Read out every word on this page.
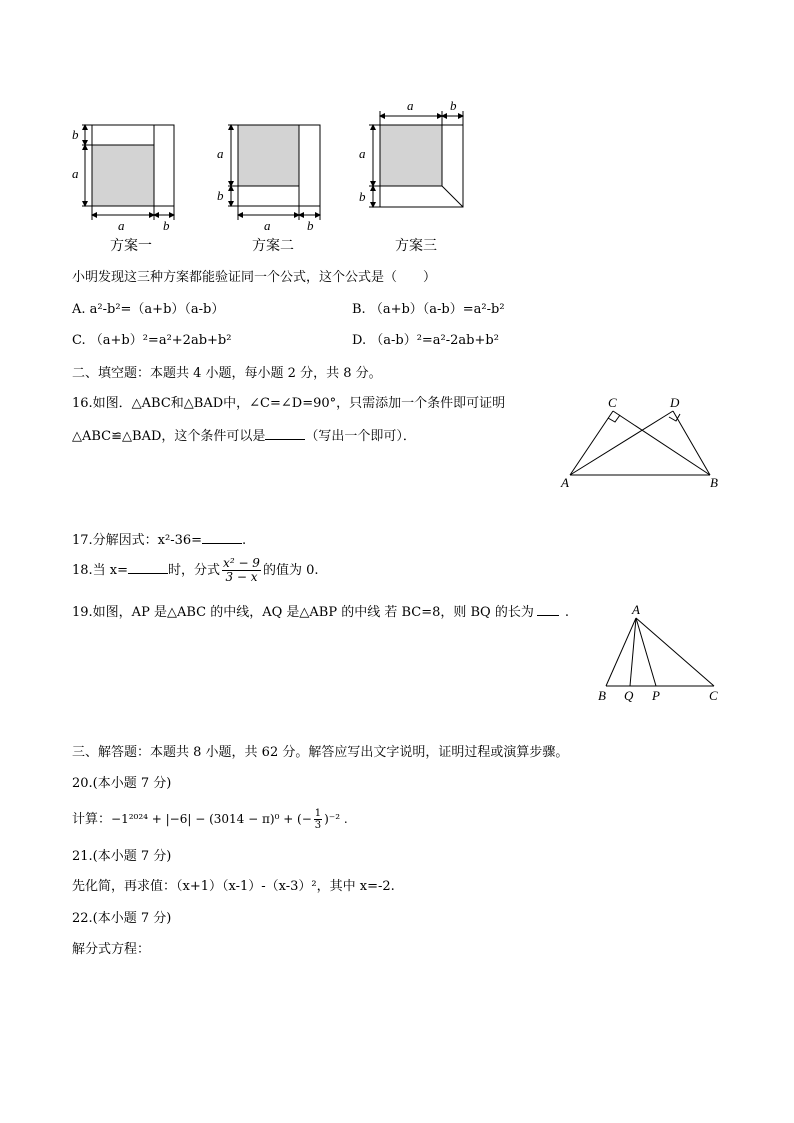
b
a
a	b
a
b
a	b
a	b
a
b
方案一	方案二	方案三
小明发现这三种方案都能验证同一个公式，这个公式是（　　）
A. a²-b²=（a+b）（a-b）	B. （a+b）（a-b）=a²-b²
C. （a+b）²=a²+2ab+b²	D. （a-b）²=a²-2ab+b²
二、填空题：本题共 4 小题，每小题 2 分，共 8 分。
16.如图．△ABC和△BAD中，∠C=∠D=90°，只需添加一个条件即可证明
△ABC≌△BAD，这个条件可以是	（写出一个即可）．
C	D
A	B
17.分解因式：x²-36=	.
18.当 x=	时，分式 $\frac{\text{x² − 9}}{3 - x}$ 的值为 0.
19.如图，AP 是△ABC 的中线，AQ 是△ABP 的中线 若 BC=8，则 BQ 的长为 .	A
B Q P	C
三、解答题：本题共 8 小题，共 62 分。解答应写出文字说明，证明过程或演算步骤。
20.(本小题 7 分)
计算：−1²⁰²⁴ + |−6| − (3014 − π)⁰ + (− $\frac{1}{3} )^{-2}$ .
21.(本小题 7 分)
先化简，再求值：（x+1）（x-1）-（x-3）²，其中 x=-2.
22.(本小题 7 分)
解分式方程：
